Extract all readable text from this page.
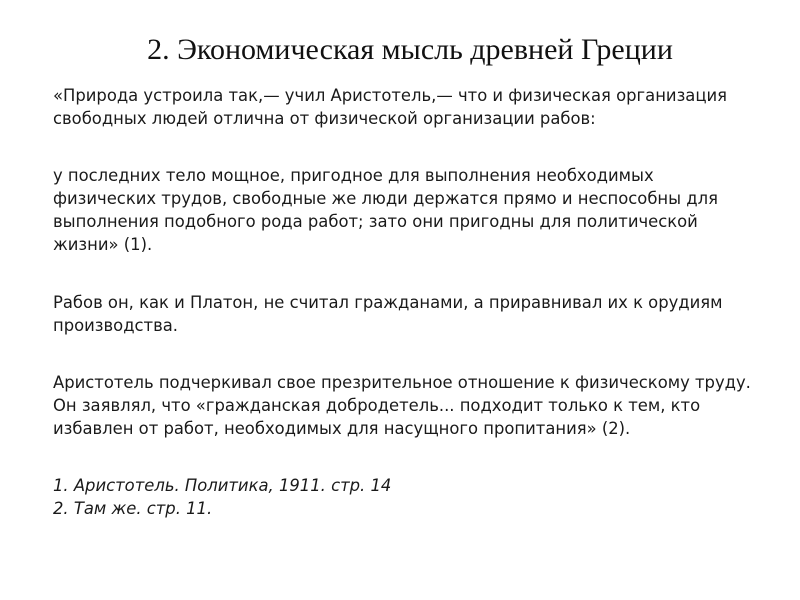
2. Экономическая мысль древней Греции

«Природа устроила так,— учил Аристотель,— что и физическая организация свободных людей отлична от физической организации рабов:

у последних тело мощное, пригодное для выполнения необходимых физических трудов, свободные же люди держатся прямо и неспособны для выполнения подобного рода работ; зато они пригодны для политической жизни» (1).

Рабов он, как и Платон, не считал гражданами, а приравнивал их к орудиям производства.

Аристотель подчеркивал свое презрительное отношение к физическому труду. Он заявлял, что «гражданская добродетель... подходит только к тем, кто избавлен от работ, необходимых для насущного пропитания» (2).

1. Аристотель. Политика, 1911. стр. 14
2. Там же. стр. 11.
